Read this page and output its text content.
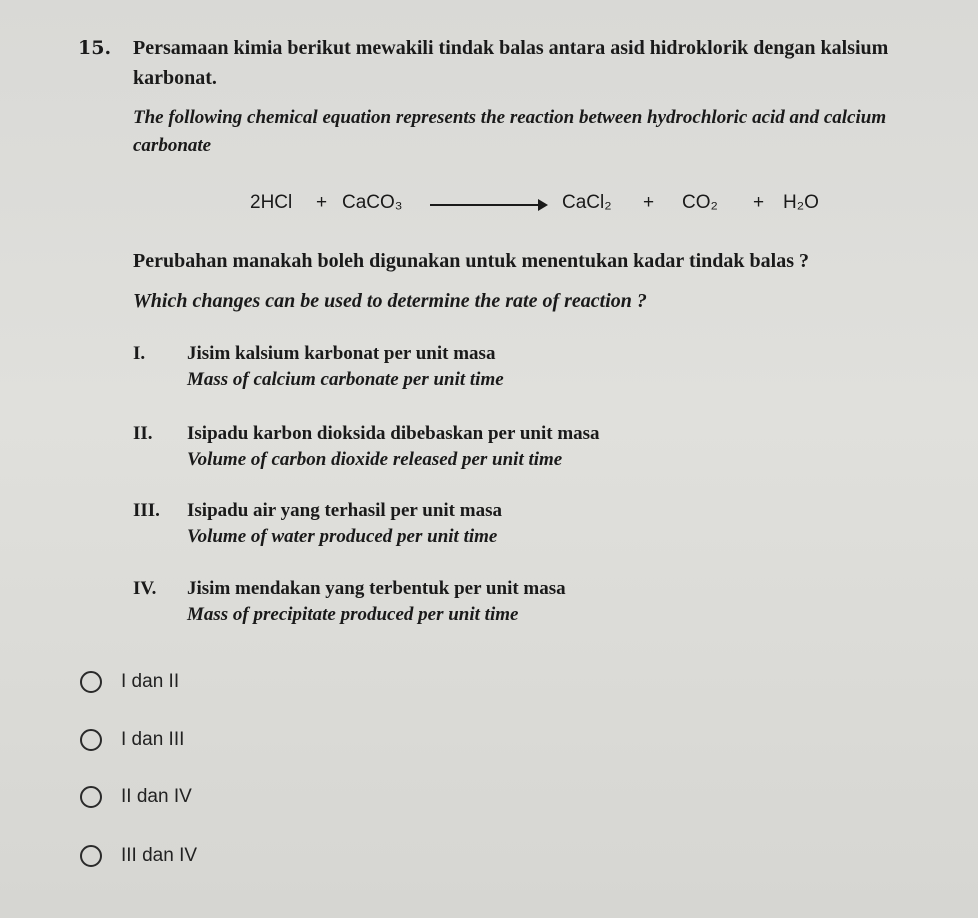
15. Persamaan kimia berikut mewakili tindak balas antara asid hidroklorik dengan kalsium karbonat.
The following chemical equation represents the reaction between hydrochloric acid and calcium carbonate
2HCl + CaCO₃	CaCl₂ + CO₂ + H₂O
Perubahan manakah boleh digunakan untuk menentukan kadar tindak balas ?
Which changes can be used to determine the rate of reaction ?
I. Jisim kalsium karbonat per unit masa
Mass of calcium carbonate per unit time
II. Isipadu karbon dioksida dibebaskan per unit masa
Volume of carbon dioxide released per unit time
III. Isipadu air yang terhasil per unit masa
Volume of water produced per unit time
IV. Jisim mendakan yang terbentuk per unit masa
Mass of precipitate produced per unit time
I dan II
I dan III
II dan IV
III dan IV
